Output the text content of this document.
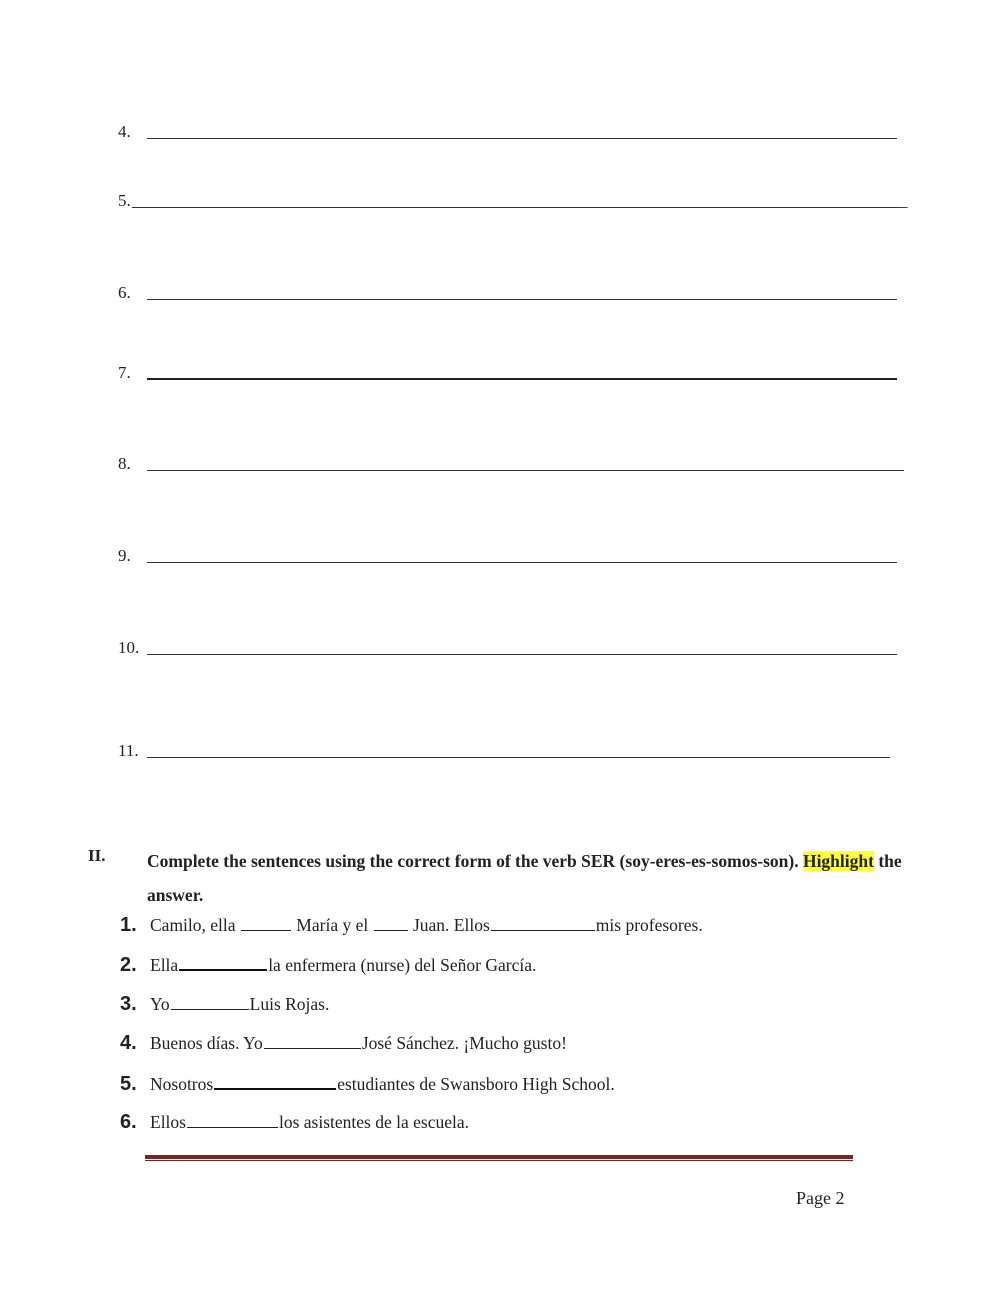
4.
5.	_
6.
7.
8.
9.
10.
11.
II. Complete the sentences using the correct form of the verb SER (soy-eres-es-somos-son). Highlight the answer.
1. Camilo, ella	María y el  Juan. Ellos	mis profesores.
2. Ella	la enfermera (nurse) del Señor García.
3. Yo	Luis Rojas.
4. Buenos días. Yo	José Sánchez. ¡Mucho gusto!
5. Nosotros	estudiantes de Swansboro High School.
6. Ellos	los asistentes de la escuela.
Page 2
